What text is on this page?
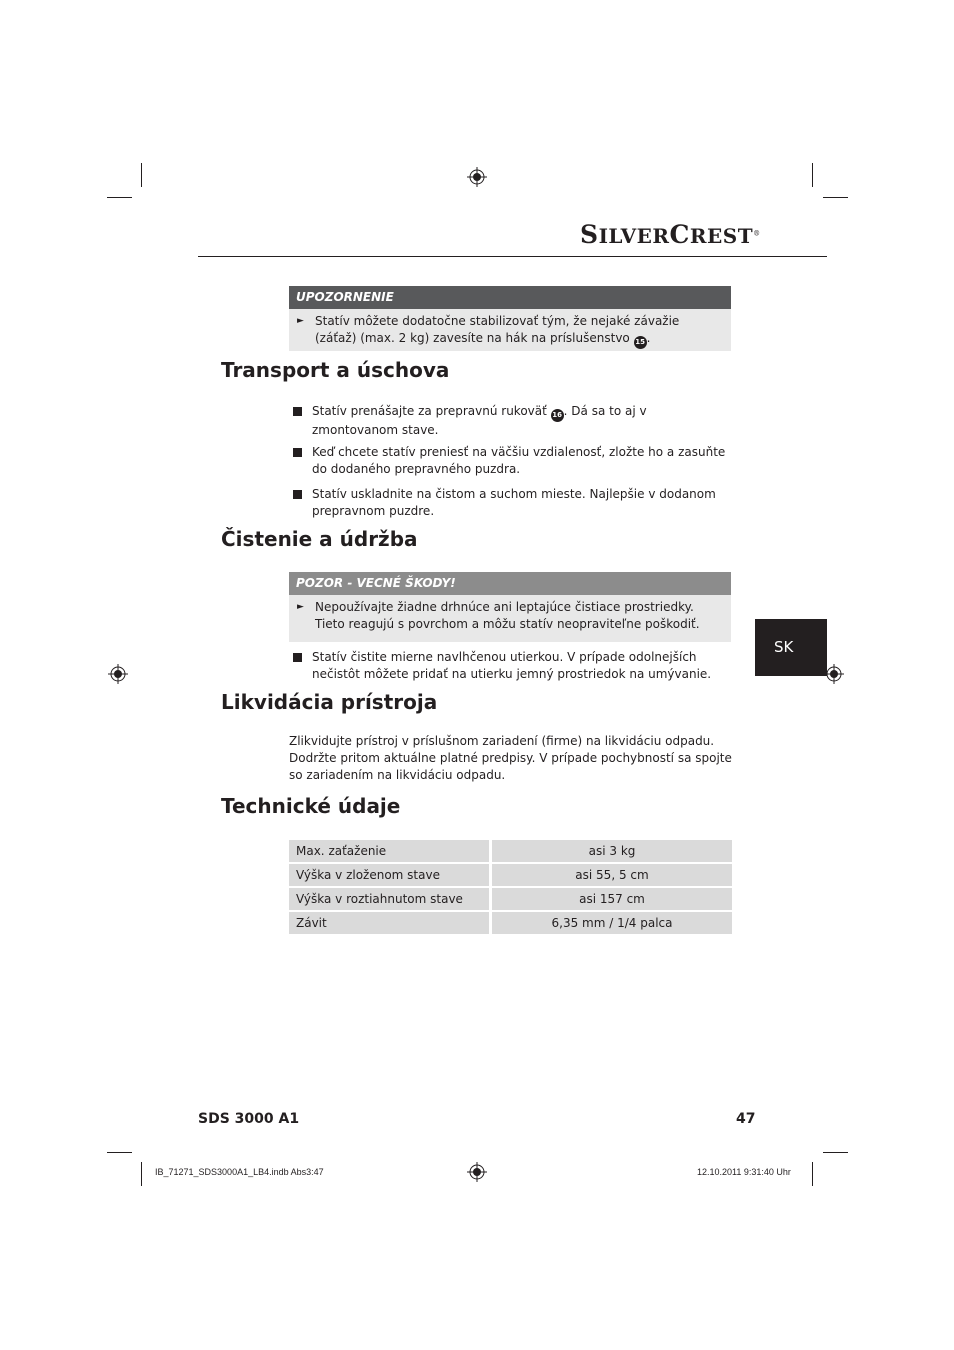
SILVERCREST®
UPOZORNENIE
► Statív môžete dodatočne stabilizovať tým, že nejaké závažie (záťaž) (max. 2 kg) zavesíte na hák na príslušenstvo 15 .
Transport a úschova
Statív prenášajte za prepravnú rukoväť 16 . Dá sa to aj v zmontovanom stave.
Keď chcete statív preniesť na väčšiu vzdialenosť, zložte ho a zasuňte do dodaného prepravného puzdra.
Statív uskladnite na čistom a suchom mieste. Najlepšie v dodanom prepravnom puzdre.
Čistenie a údržba
POZOR - VECNÉ ŠKODY!
► Nepoužívajte žiadne drhnúce ani leptajúce čistiace prostriedky. Tieto reagujú s povrchom a môžu statív neopraviteľne poškodiť.
Statív čistite mierne navlhčenou utierkou. V prípade odolnejších nečistôt môžete pridať na utierku jemný prostriedok na umývanie.
Likvidácia prístroja
Zlikvidujte prístroj v príslušnom zariadení (firme) na likvidáciu odpadu. Dodržte pritom aktuálne platné predpisy. V prípade pochybností sa spojte so zariadením na likvidáciu odpadu.
Technické údaje
Max. zaťaženie	asi 3 kg
Výška v zloženom stave	asi 55, 5 cm
Výška v roztiahnutom stave	asi 157 cm
Závit	6,35 mm / 1/4 palca
SK
SDS 3000 A1	47
IB_71271_SDS3000A1_LB4.indb Abs3:47	12.10.2011 9:31:40 Uhr
